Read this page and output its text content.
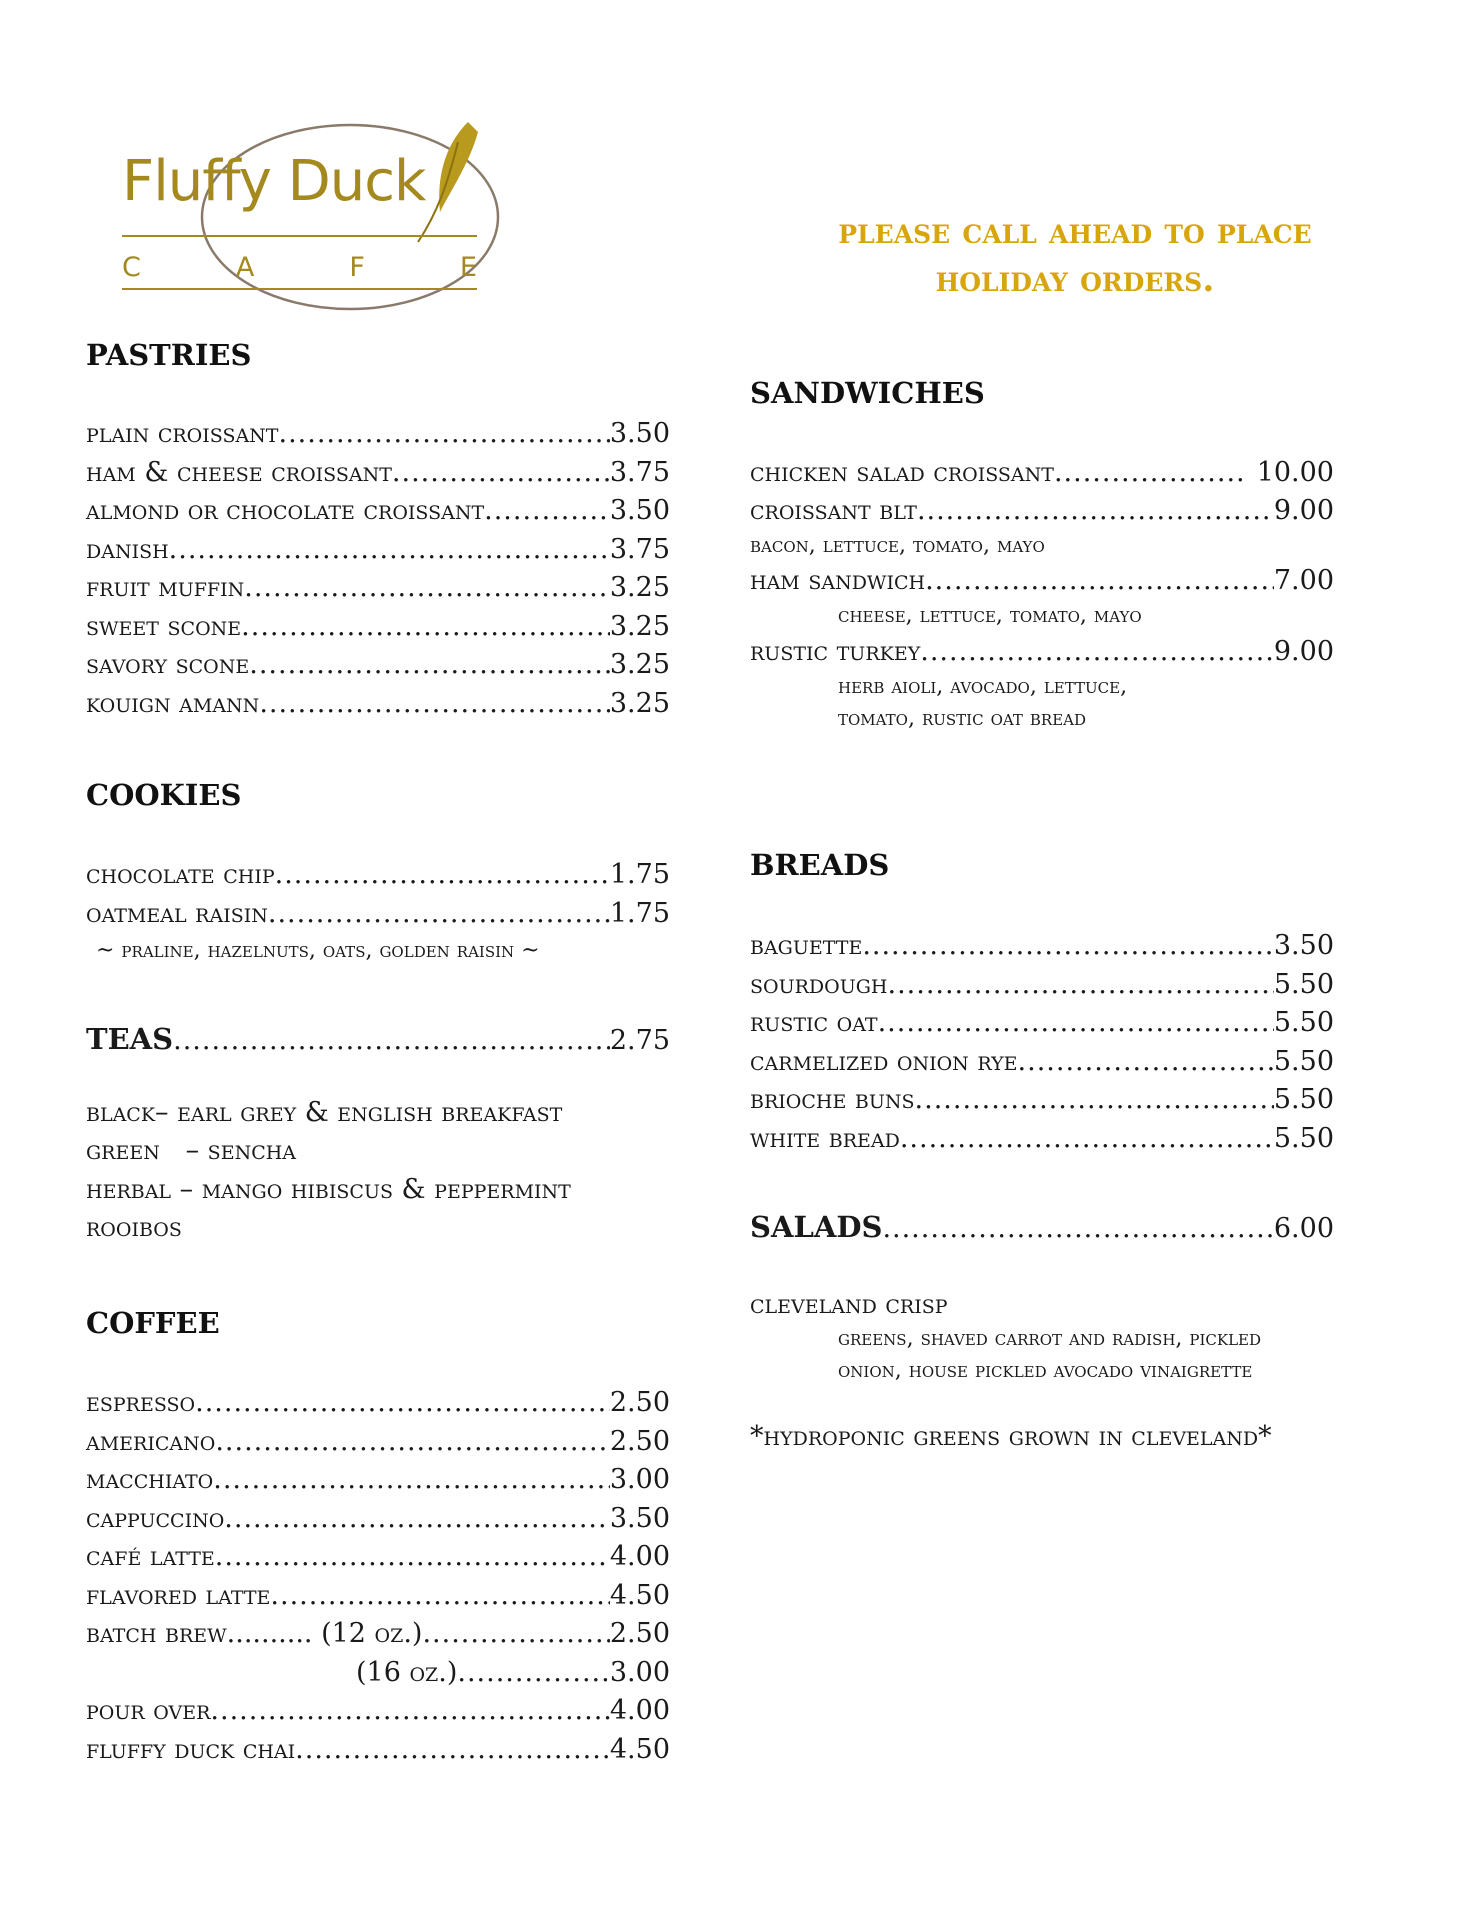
Fluffy Duck
C	A	F	E
please call ahead to place
holiday orders.
pastries
plain croissant .....	3.50
ham & cheese croissant .....	3.75
almond or chocolate croissant .....	3.50
danish .....	3.75
fruit muffin .....	3.25
sweet scone .....	3.25
savory scone .....	3.25
kouign amann .....	3.25
cookies
chocolate chip .....	1.75
oatmeal raisin .....	1.75
~ praline, hazelnuts, oats, golden raisin ~
teas .....	2.75
black– earl grey & english breakfast
green   – sencha
herbal – mango hibiscus & peppermint
rooibos
coffee
espresso .....	2.50
americano .....	2.50
macchiato .....	3.00
cappuccino .....	3.50
café latte .....	4.00
flavored latte .....	4.50
batch brew.......... (12 oz.) .....	2.50
(16 oz.) .....	3.00
pour over .....	4.00
fluffy duck chai .....	4.50
sandwiches
chicken salad croissant .....	10.00
croissant blt .....	9.00
bacon, lettuce, tomato, mayo
ham sandwich .....	7.00
cheese, lettuce, tomato, mayo
rustic turkey .....	9.00
herb aioli, avocado, lettuce,
tomato, rustic oat bread
breads
baguette .....	3.50
sourdough .....	5.50
rustic oat .....	5.50
carmelized onion rye .....	5.50
brioche buns .....	5.50
white bread .....	5.50
salads .....	6.00
cleveland crisp
greens, shaved carrot and radish, pickled
onion, house pickled avocado vinaigrette
*hydroponic greens grown in cleveland*
